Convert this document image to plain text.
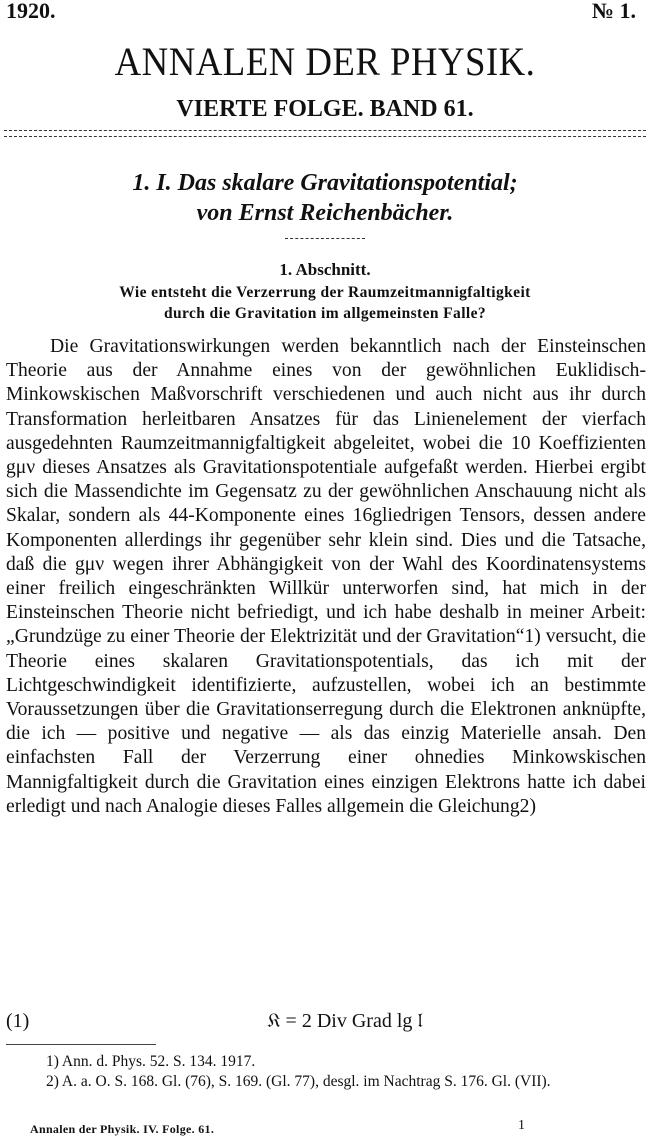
1920.	№ 1.
ANNALEN DER PHYSIK.
VIERTE FOLGE. BAND 61.
1. I. Das skalare Gravitationspotential;
von Ernst Reichenbächer.
1. Abschnitt.
Wie entsteht die Verzerrung der Raumzeitmannigfaltigkeit
durch die Gravitation im allgemeinsten Falle?

Die Gravitationswirkungen werden bekanntlich nach der Einsteinschen Theorie aus der Annahme eines von der gewöhnlichen Euklidisch-Minkowskischen Maßvorschrift verschiedenen und auch nicht aus ihr durch Transformation herleitbaren Ansatzes für das Linienelement der vierfach ausgedehnten Raumzeitmannigfaltigkeit abgeleitet, wobei die 10 Koeffizienten gμν dieses Ansatzes als Gravitationspotentiale aufgefaßt werden. Hierbei ergibt sich die Massendichte im Gegensatz zu der gewöhnlichen Anschauung nicht als Skalar, sondern als 44-Komponente eines 16gliedrigen Tensors, dessen andere Komponenten allerdings ihr gegenüber sehr klein sind. Dies und die Tatsache, daß die gμν wegen ihrer Abhängigkeit von der Wahl des Koordinatensystems einer freilich eingeschränkten Willkür unterworfen sind, hat mich in der Einsteinschen Theorie nicht befriedigt, und ich habe deshalb in meiner Arbeit: „Grundzüge zu einer Theorie der Elektrizität und der Gravitation“1) versucht, die Theorie eines skalaren Gravitationspotentials, das ich mit der Lichtgeschwindigkeit identifizierte, aufzustellen, wobei ich an bestimmte Voraussetzungen über die Gravitationserregung durch die Elektronen anknüpfte, die ich — positive und negative — als das einzig Materielle ansah. Den einfachsten Fall der Verzerrung einer ohnedies Minkowskischen Mannigfaltigkeit durch die Gravitation eines einzigen Elektrons hatte ich dabei erledigt und nach Analogie dieses Falles allgemein die Gleichung2)

(1)	𝔎 = 2 Div Grad lg 𝔩
1) Ann. d. Phys. 52. S. 134. 1917.
2) A. a. O. S. 168. Gl. (76), S. 169. (Gl. 77), desgl. im Nachtrag S. 176. Gl. (VII).
Annalen der Physik. IV. Folge. 61.	1
